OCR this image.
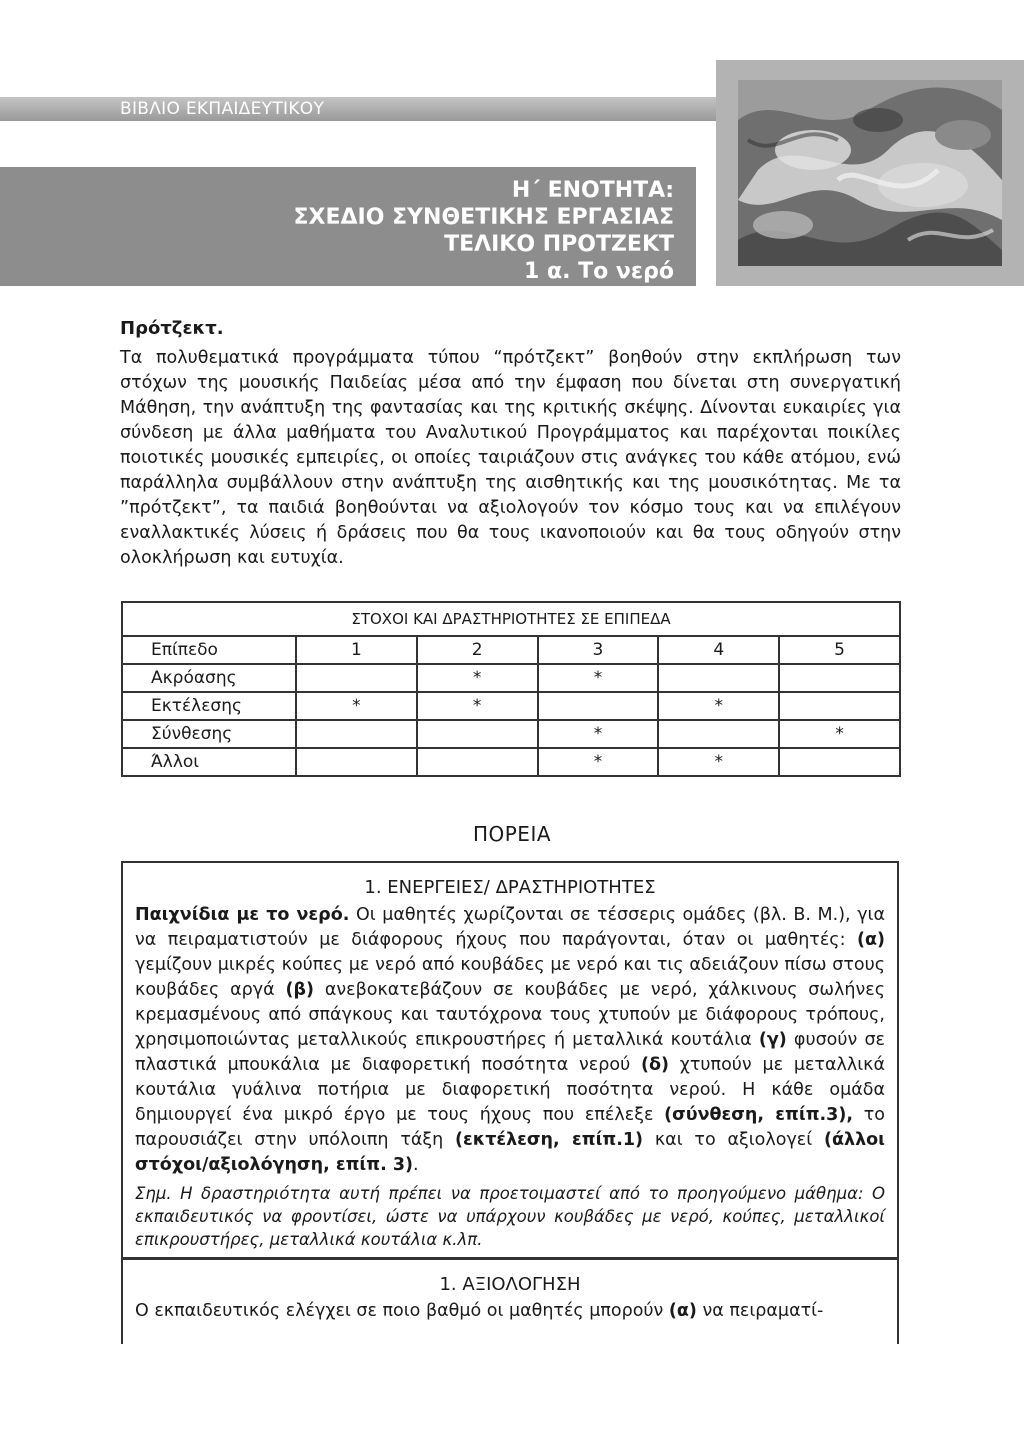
ΒΙΒΛΙΟ ΕΚΠΑΙΔΕΥΤΙΚΟΥ
Η΄ ΕΝΟΤΗΤΑ:
ΣΧΕΔΙΟ ΣΥΝΘΕΤΙΚΗΣ ΕΡΓΑΣΙΑΣ
ΤΕΛΙΚΟ ΠΡΟΤΖΕΚΤ
1 α. Το νερό
Πρότζεκτ.

Τα πολυθεματικά προγράμματα τύπου “πρότζεκτ” βοηθούν στην εκπλήρωση των στόχων της μουσικής Παιδείας μέσα από την έμφαση που δίνεται στη συνεργατική Μάθηση, την ανάπτυξη της φαντασίας και της κριτικής σκέψης. Δίνονται ευκαιρίες για σύνδεση με άλλα μαθήματα του Αναλυτικού Προγράμματος και παρέχονται ποικίλες ποιοτικές μουσικές εμπειρίες, οι οποίες ταιριάζουν στις ανάγκες του κάθε ατόμου, ενώ παράλληλα συμβάλλουν στην ανάπτυξη της αισθητικής και της μουσικότητας. Με τα ”πρότζεκτ”, τα παιδιά βοηθούνται να αξιολογούν τον κόσμο τους και να επιλέγουν εναλλακτικές λύσεις ή δράσεις που θα τους ικανοποιούν και θα τους οδηγούν στην ολοκλήρωση και ευτυχία.

ΣΤΟΧΟΙ ΚΑΙ ΔΡΑΣΤΗΡΙΟΤΗΤΕΣ ΣΕ ΕΠΙΠΕΔΑ					
Επίπεδο	1	2	3	4	5
Ακρόασης		*	*		
Εκτέλεσης	*	*		*	
Σύνθεσης			*		*
Άλλοι			*	*	
ΠΟΡΕΙΑ
1. ΕΝΕΡΓΕΙΕΣ/ ΔΡΑΣΤΗΡΙΟΤΗΤΕΣ
Παιχνίδια με το νερό. Οι μαθητές χωρίζονται σε τέσσερις ομάδες (βλ. Β. Μ.), για να πειραματιστούν με διάφορους ήχους που παράγονται, όταν οι μαθητές: (α) γεμίζουν μικρές κούπες με νερό από κουβάδες με νερό και τις αδειάζουν πίσω στους κουβάδες αργά (β) ανεβοκατεβάζουν σε κουβάδες με νερό, χάλκινους σωλήνες κρεμασμένους από σπάγκους και ταυτόχρονα τους χτυπούν με διάφορους τρόπους, χρησιμοποιώντας μεταλλικούς επικρουστήρες ή μεταλλικά κουτάλια (γ) φυσούν σε πλαστικά μπουκάλια με διαφορετική ποσότητα νερού (δ) χτυπούν με μεταλλικά κουτάλια γυάλινα ποτήρια με διαφορετική ποσότητα νερού. Η κάθε ομάδα δημιουργεί ένα μικρό έργο με τους ήχους που επέλεξε (σύνθεση, επίπ.3), το παρουσιάζει στην υπόλοιπη τάξη (εκτέλεση, επίπ.1) και το αξιολογεί (άλλοι στόχοι/αξιολόγηση, επίπ. 3).
Σημ. Η δραστηριότητα αυτή πρέπει να προετοιμαστεί από το προηγούμενο μάθημα: Ο εκπαιδευτικός να φροντίσει, ώστε να υπάρχουν κουβάδες με νερό, κούπες, μεταλλικοί επικρουστήρες, μεταλλικά κουτάλια κ.λπ.
1. ΑΞΙΟΛΟΓΗΣΗ
Ο εκπαιδευτικός ελέγχει σε ποιο βαθμό οι μαθητές μπορούν (α) να πειραματί-
